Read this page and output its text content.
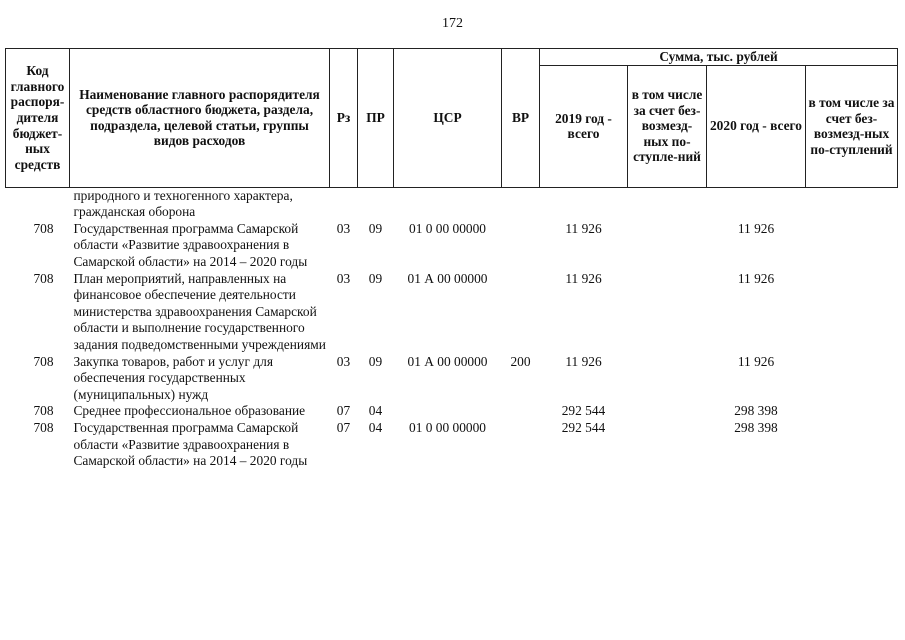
172
Код главного распоря-дителя бюджет-ных средств	Наименование главного распорядителя средств областного бюджета, раздела, подраздела, целевой статьи, группы видов расходов	Рз	ПР	ЦСР	ВР	Сумма, тыс. рублей			
						2019 год - всего	в том числе за счет без-возмезд-ных по-ступле-ний	2020 год - всего	в том числе за счет без-возмезд-ных по-ступлений
	природного и техногенного характера, гражданская оборона								
708	Государственная программа Самарской области «Развитие здравоохранения в Самарской области» на 2014 – 2020 годы	03	09	01 0 00 00000		11 926		11 926	
708	План мероприятий, направленных на финансовое обеспечение деятельности министерства здравоохранения Самарской области и выполнение государственного задания подведомственными учреждениями	03	09	01 А 00 00000		11 926		11 926	
708	Закупка товаров, работ и услуг для обеспечения государственных (муниципальных) нужд	03	09	01 А 00 00000	200	11 926		11 926	
708	Среднее профессиональное образование	07	04			292 544		298 398	
708	Государственная программа Самарской области «Развитие здравоохранения в Самарской области» на 2014 – 2020 годы	07	04	01 0 00 00000		292 544		298 398	
